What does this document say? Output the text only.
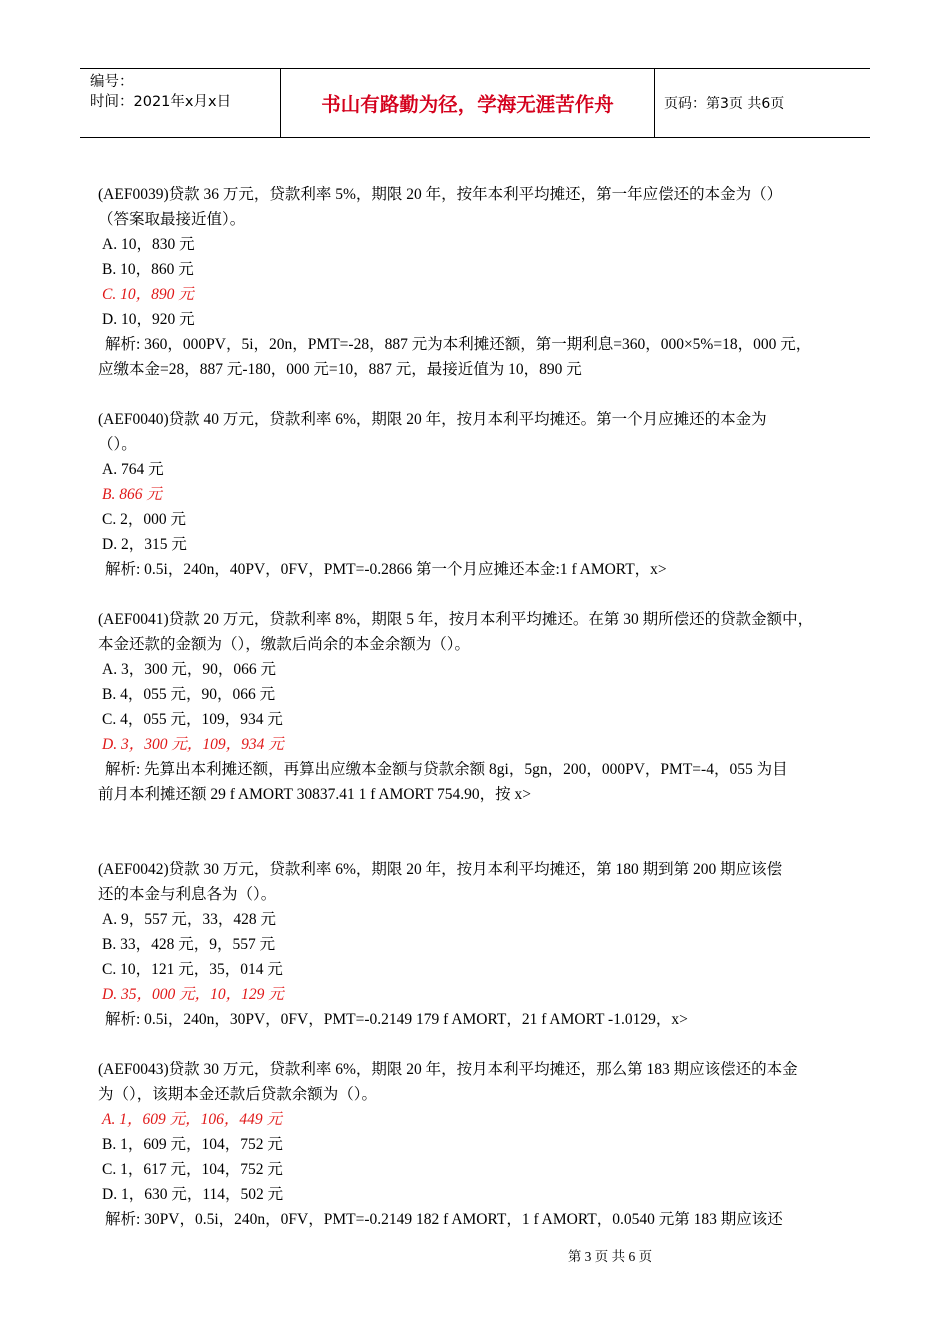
编号：
时间：2021年x月x日	书山有路勤为径，学海无涯苦作舟	页码：第3页 共6页
(AEF0039)贷款 36 万元，贷款利率 5%，期限 20 年，按年本利平均摊还，第一年应偿还的本金为（）
（答案取最接近值）。
A. 10，830 元
B. 10，860 元
C. 10，890 元
D. 10，920 元
解析: 360，000PV，5i，20n，PMT=-28，887 元为本利摊还额，第一期利息=360，000×5%=18，000 元，
应缴本金=28，887 元-180，000 元=10，887 元，最接近值为 10，890 元
(AEF0040)贷款 40 万元，贷款利率 6%，期限 20 年，按月本利平均摊还。第一个月应摊还的本金为
（）。
A. 764 元
B. 866 元
C. 2，000 元
D. 2，315 元
解析: 0.5i，240n，40PV，0FV，PMT=-0.2866 第一个月应摊还本金:1 f AMORT，x>
(AEF0041)贷款 20 万元，贷款利率 8%，期限 5 年，按月本利平均摊还。在第 30 期所偿还的贷款金额中，
本金还款的金额为（），缴款后尚余的本金余额为（）。
A. 3，300 元，90，066 元
B. 4，055 元，90，066 元
C. 4，055 元，109，934 元
D. 3，300 元，109，934 元
解析: 先算出本利摊还额，再算出应缴本金额与贷款余额 8gi，5gn，200，000PV，PMT=-4，055 为目
前月本利摊还额 29 f AMORT 30837.41 1 f AMORT 754.90，按 x>
(AEF0042)贷款 30 万元，贷款利率 6%，期限 20 年，按月本利平均摊还，第 180 期到第 200 期应该偿
还的本金与利息各为（）。
A. 9，557 元，33，428 元
B. 33，428 元，9，557 元
C. 10，121 元，35，014 元
D. 35，000 元，10，129 元
解析: 0.5i，240n，30PV，0FV，PMT=-0.2149 179 f AMORT，21 f AMORT -1.0129，x>
(AEF0043)贷款 30 万元，贷款利率 6%，期限 20 年，按月本利平均摊还，那么第 183 期应该偿还的本金
为（），该期本金还款后贷款余额为（）。
A. 1，609 元，106，449 元
B. 1，609 元，104，752 元
C. 1，617 元，104，752 元
D. 1，630 元，114，502 元
解析: 30PV，0.5i，240n，0FV，PMT=-0.2149 182 f AMORT，1 f AMORT，0.0540 元第 183 期应该还
第 3 页 共 6 页
